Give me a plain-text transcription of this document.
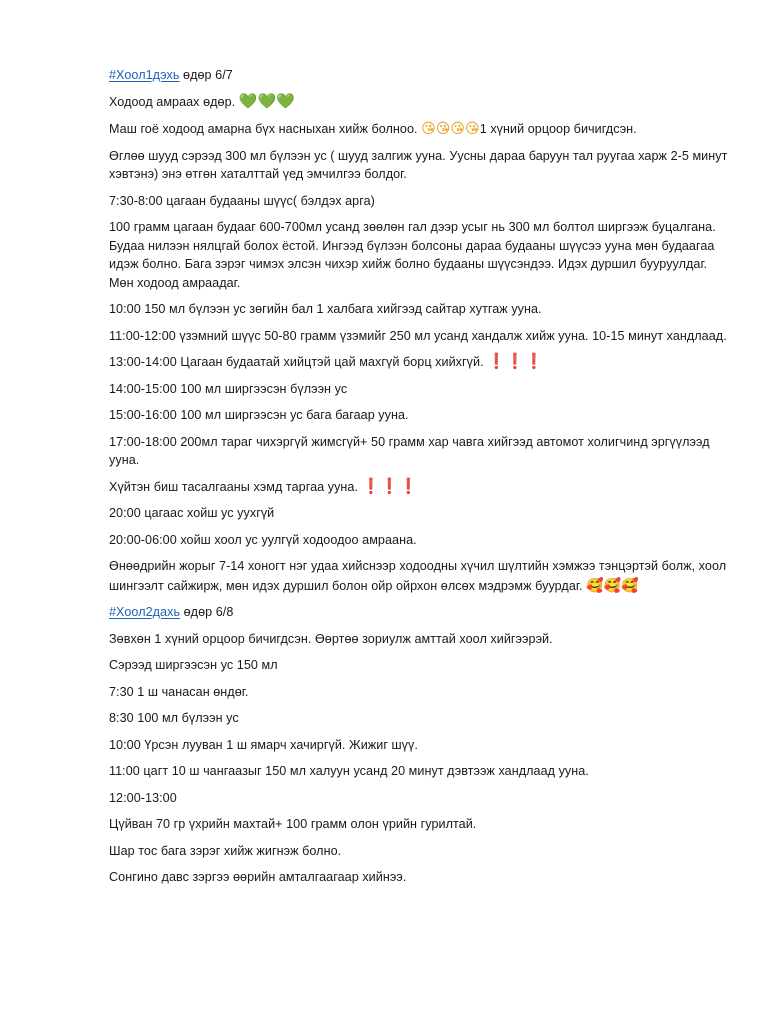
#Хоол1дэхь өдөр 6/7

Ходоод амраах өдөр. 💚💚💚

Маш гоё ходоод амарна бүх насныхан хийж болноо. 😘😘😘😘1 хүний орцоор бичигдсэн.

Өглөө шууд сэрээд 300 мл бүлээн ус ( шууд залгиж ууна. Уусны дараа баруун тал руугаа харж 2-5 минут хэвтэнэ) энэ өтгөн хаталттай үед эмчилгээ болдог.

7:30-8:00 цагаан будааны шүүс( бэлдэх арга)

100 грамм цагаан будааг 600-700мл усанд зөөлөн гал дээр усыг нь 300 мл болтол ширгээж буцалгана. Будаа нилээн нялцгай болох ёстой. Ингээд бүлээн болсоны дараа будааны шүүсээ ууна мөн будаагаа идэж болно. Бага зэрэг чимэх элсэн чихэр хийж болно будааны шүүсэндээ. Идэх дуршил бууруулдаг. Мөн ходоод амраадаг.

10:00 150 мл бүлээн ус зөгийн бал 1 халбага хийгээд сайтар хутгаж ууна.

11:00-12:00 үзэмний шүүс 50-80 грамм үзэмийг 250 мл усанд хандалж хийж ууна. 10-15 минут хандлаад.

13:00-14:00 Цагаан будаатай хийцтэй цай махгүй борц хийхгүй. ❗❗❗

14:00-15:00 100 мл ширгээсэн бүлээн ус

15:00-16:00 100 мл ширгээсэн ус бага багаар ууна.

17:00-18:00 200мл тараг чихэргүй жимсгүй+ 50 грамм хар чавга хийгээд автомот холигчинд эргүүлээд ууна.

Хүйтэн биш тасалгааны хэмд таргаа ууна. ❗❗❗

20:00 цагаас хойш ус уухгүй

20:00-06:00 хойш хоол ус уулгүй ходоодоо амраана.

Өнөөдрийн жорыг 7-14 хоногт нэг удаа хийснээр ходоодны хүчил шүлтийн хэмжээ тэнцэртэй болж, хоол шингээлт сайжирж, мөн идэх дуршил болон ойр ойрхон өлсөх мэдрэмж буурдаг. 🥰🥰🥰

#Хоол2дахь өдөр 6/8

Зөвхөн 1 хүний орцоор бичигдсэн. Өөртөө зориулж амттай хоол хийгээрэй.

Сэрээд ширгээсэн ус 150 мл

7:30 1 ш чанасан өндөг.

8:30 100 мл бүлээн ус

10:00 Үрсэн лууван 1 ш ямарч хачиргүй. Жижиг шүү.

11:00 цагт 10 ш чангаазыг 150 мл халуун усанд 20 минут дэвтээж хандлаад ууна.

12:00-13:00

Цүйван 70 гр үхрийн махтай+ 100 грамм олон үрийн гурилтай.

Шар тос бага зэрэг хийж жигнэж болно.

Сонгино давс зэргээ өөрийн амталгаагаар хийнээ.
